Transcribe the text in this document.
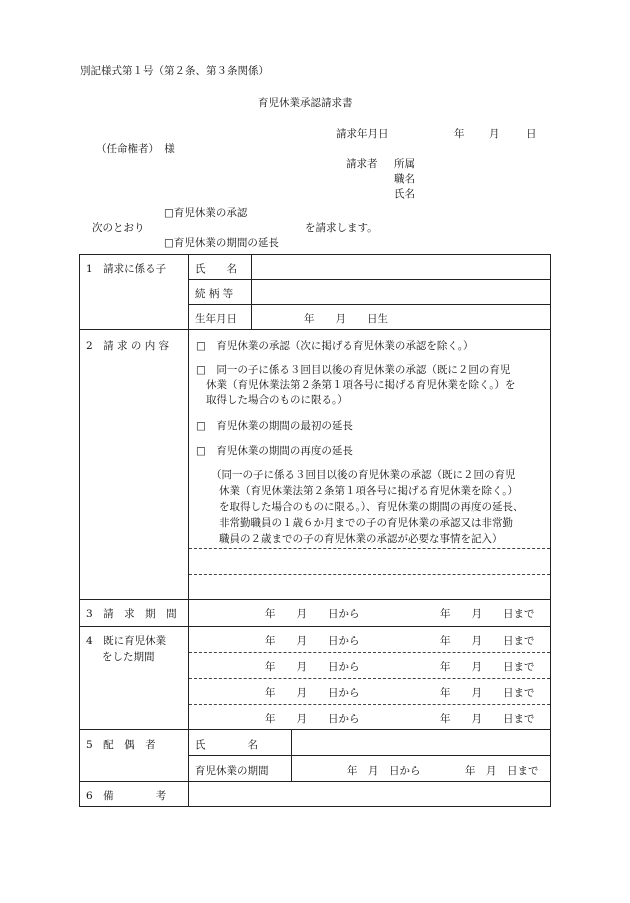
別記様式第１号（第２条、第３条関係）
育児休業承認請求書
請求年月日	年 月	日
（任命権者）　様
請求者 所属
職名
氏名
□育児休業の承認
次のとおり	を請求します。
□育児休業の期間の延長
1　請求に係る子	氏　　名
続 柄 等
生年月日	年　　月　　日生
2　請 求 の 内 容	□　育児休業の承認（次に掲げる育児休業の承認を除く。）
□　同一の子に係る３回目以後の育児休業の承認（既に２回の育児
休業（育児休業法第２条第１項各号に掲げる育児休業を除く。）を
取得した場合のものに限る。）
□　育児休業の期間の最初の延長
□　育児休業の期間の再度の延長
（同一の子に係る３回目以後の育児休業の承認（既に２回の育児
休業（育児休業法第２条第１項各号に掲げる育児休業を除く。）
を取得した場合のものに限る。）、育児休業の期間の再度の延長、
非常勤職員の１歳６か月までの子の育児休業の承認又は非常勤
職員の２歳までの子の育児休業の承認が必要な事情を記入）
3　請　求　期　間	年　　月　　日から	年　　月　　日まで
4　既に育児休業
をした期間
年　　月　　日から	年　　月　　日まで
年　　月　　日から	年　　月　　日まで
年　　月　　日から	年　　月　　日まで
年　　月　　日から	年　　月　　日まで
5　配　偶　者	氏　　　　名
育児休業の期間	年　月　日から	年　月　日まで
6　備　　　　考
